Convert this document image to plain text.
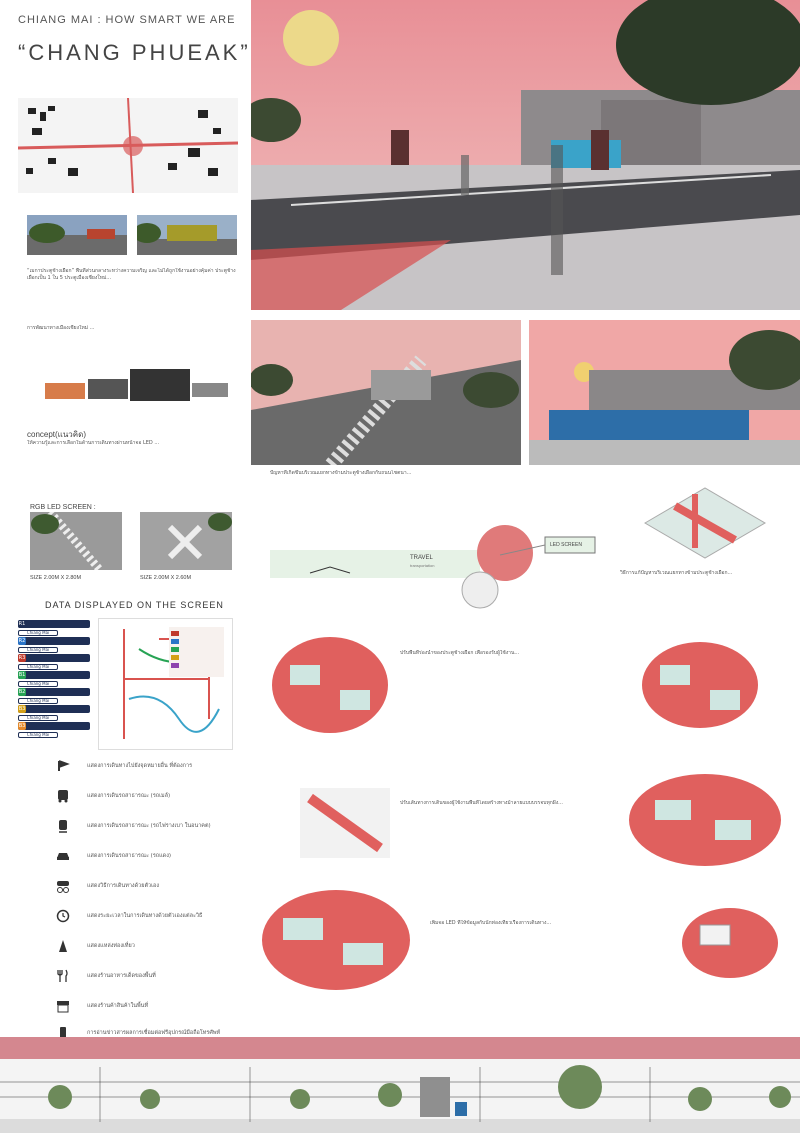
CHIANG MAI : HOW SMART WE ARE
“CHANG PHUEAK”
“เมกาประตูช้างเผือก” พื้นที่ส่วนกลางระหว่างความเจริญ และไม่ได้ถูกใช้งานอย่างคุ้มค่า ประตูช้างเผือกเป็น 1 ใน 5 ประตูเมืองเชียงใหม่...
การพัฒนาทางเมืองเชียงใหม่ ...
concept(แนวคิด)
ให้ความรู้และการเลือกในด้านการเดินทางผ่านหน้าจอ LED ...
RGB LED SCREEN :
SIZE 2.00M X 2.80M	SIZE 2.00M X 2.60M
DATA DISPLAYED ON THE SCREEN
R1
Chiang Mai
R2
Chiang Mai
R3
Chiang Mai
B1
Chiang Mai
B2
Chiang Mai
B3
Chiang Mai
B3
Chiang Mai
แสดงการเดินทางไปยังจุดหมายอื่น ที่ต้องการ
แสดงการเดินรถสาธารณะ (รถเมล์)
แสดงการเดินรถสาธารณะ (รถไฟรางเบา ในอนาคต)
แสดงการเดินรถสาธารณะ (รถแดง)
แสดงวิธีการเดินทางด้วยตัวเอง
แสดงระยะเวลาในการเดินทางด้วยตัวเองแต่ละวิธี
แสดงแหล่งท่องเที่ยว
แสดงร้านอาหารเด็ดของพื้นที่
แสดงร้านค้าสินค้าในพื้นที่
การอ่านข่าวสารผลการเชื่อมต่อฟรีอุปกรณ์มือถือโทรศัพท์
ปัญหาที่เกิดขึ้นบริเวณแยกทางข้ามประตูช้างเผือกกับถนนโชตนา...
TRAVEL
transportation
LED SCREEN
วิธีการแก้ปัญหาบริเวณแยกทางข้ามประตูช้างเผือก...
ปรับพื้นที่ร่องน้ำของประตูช้างเผือก เพื่อรองรับผู้ใช้งาน...
ปรับเส้นทางการเดินของผู้ใช้งานพื้นที่โดยสร้างทางม้าลายแบบบรรจบทุกฝั่ง...
เพิ่มจอ LED ที่ให้ข้อมูลกับนักท่องเที่ยวเรื่องการเดินทาง...
